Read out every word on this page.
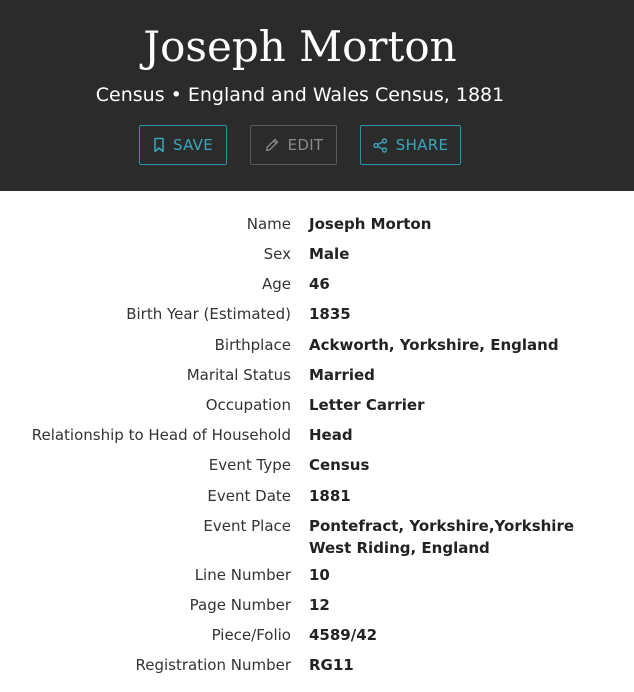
Joseph Morton
Census • England and Wales Census, 1881
SAVE	EDIT	SHARE
Name Joseph Morton
Sex Male
Age 46
Birth Year (Estimated) 1835
Birthplace Ackworth, Yorkshire, England
Marital Status Married
Occupation Letter Carrier
Relationship to Head of Household Head
Event Type Census
Event Date 1881
Event Place Pontefract, Yorkshire,Yorkshire West Riding, England
Line Number 10
Page Number 12
Piece/Folio 4589/42
Registration Number RG11
